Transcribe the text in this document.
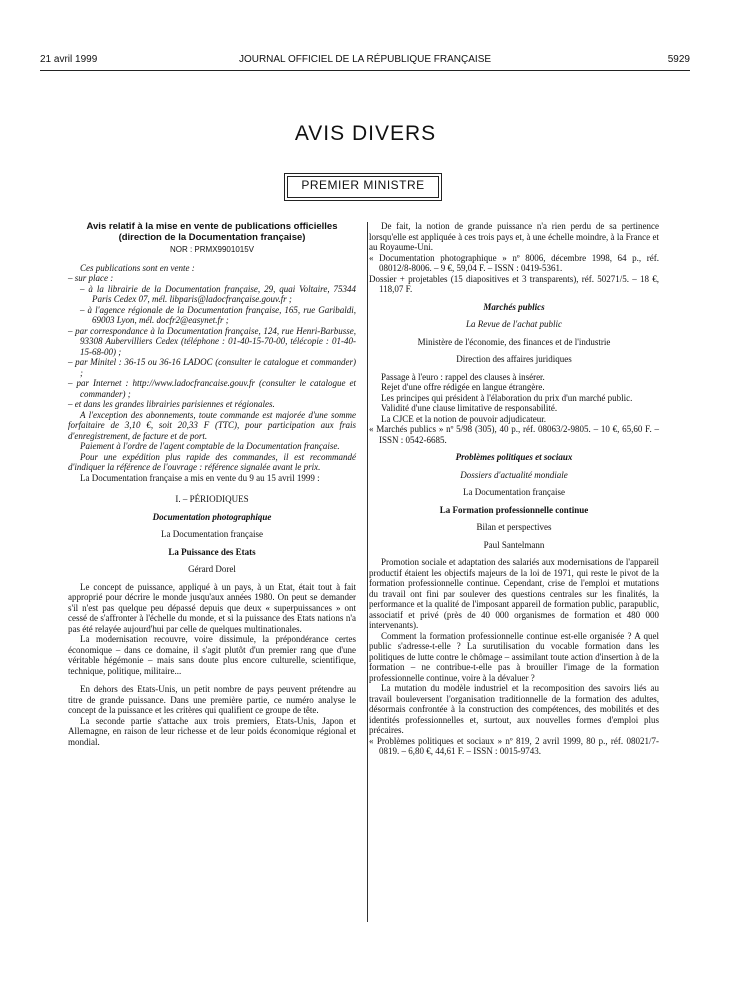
21 avril 1999	JOURNAL OFFICIEL DE LA RÉPUBLIQUE FRANÇAISE	5929
AVIS DIVERS
PREMIER MINISTRE
Avis relatif à la mise en vente de publications officielles
(direction de la Documentation française)
NOR : PRMX9901015V

Ces publications sont en vente :

– sur place :

– à la librairie de la Documentation française, 29, quai Voltaire, 75344 Paris Cedex 07, mél. libparis@ladocfrançaise.gouv.fr ;

– à l'agence régionale de la Documentation française, 165, rue Garibaldi, 69003 Lyon, mél. docfr2@easynet.fr ;

– par correspondance à la Documentation française, 124, rue Henri-Barbusse, 93308 Aubervilliers Cedex (téléphone : 01-40-15-70-00, télécopie : 01-40-15-68-00) ;

– par Minitel : 36-15 ou 36-16 LADOC (consulter le catalogue et commander) ;

– par Internet : http://www.ladocfrancaise.gouv.fr (consulter le catalogue et commander) ;

– et dans les grandes librairies parisiennes et régionales.

A l'exception des abonnements, toute commande est majorée d'une somme forfaitaire de 3,10 €, soit 20,33 F (TTC), pour participation aux frais d'enregistrement, de facture et de port.

Paiement à l'ordre de l'agent comptable de la Documentation française.

Pour une expédition plus rapide des commandes, il est recommandé d'indiquer la référence de l'ouvrage : référence signalée avant le prix.

La Documentation française a mis en vente du 9 au 15 avril 1999 :

I. – PÉRIODIQUES

Documentation photographique

La Documentation française

La Puissance des Etats

Gérard Dorel

Le concept de puissance, appliqué à un pays, à un Etat, était tout à fait approprié pour décrire le monde jusqu'aux années 1980. On peut se demander s'il n'est pas quelque peu dépassé depuis que deux « superpuissances » ont cessé de s'affronter à l'échelle du monde, et si la puissance des Etats nations n'a pas été relayée aujourd'hui par celle de quelques multinationales.

La modernisation recouvre, voire dissimule, la prépondérance certes économique – dans ce domaine, il s'agit plutôt d'un premier rang que d'une véritable hégémonie – mais sans doute plus encore culturelle, scientifique, technique, politique, militaire...

En dehors des Etats-Unis, un petit nombre de pays peuvent prétendre au titre de grande puissance. Dans une première partie, ce numéro analyse le concept de la puissance et les critères qui qualifient ce groupe de tête.

La seconde partie s'attache aux trois premiers, Etats-Unis, Japon et Allemagne, en raison de leur richesse et de leur poids économique régional et mondial.

De fait, la notion de grande puissance n'a rien perdu de sa pertinence lorsqu'elle est appliquée à ces trois pays et, à une échelle moindre, à la France et au Royaume-Uni.

« Documentation photographique » nº 8006, décembre 1998, 64 p., réf. 08012/8-8006. – 9 €, 59,04 F. – ISSN : 0419-5361.

Dossier + projetables (15 diapositives et 3 transparents), réf. 50271/5. – 18 €, 118,07 F.

Marchés publics

La Revue de l'achat public

Ministère de l'économie, des finances et de l'industrie

Direction des affaires juridiques

Passage à l'euro : rappel des clauses à insérer.

Rejet d'une offre rédigée en langue étrangère.

Les principes qui président à l'élaboration du prix d'un marché public.

Validité d'une clause limitative de responsabilité.

La CJCE et la notion de pouvoir adjudicateur.

« Marchés publics » nº 5/98 (305), 40 p., réf. 08063/2-9805. – 10 €, 65,60 F. – ISSN : 0542-6685.

Problèmes politiques et sociaux

Dossiers d'actualité mondiale

La Documentation française

La Formation professionnelle continue

Bilan et perspectives

Paul Santelmann

Promotion sociale et adaptation des salariés aux modernisations de l'appareil productif étaient les objectifs majeurs de la loi de 1971, qui reste le pivot de la formation professionnelle continue. Cependant, crise de l'emploi et mutations du travail ont fini par soulever des questions centrales sur les finalités, la performance et la qualité de l'imposant appareil de formation public, parapublic, associatif et privé (près de 40 000 organismes de formation et 480 000 intervenants).

Comment la formation professionnelle continue est-elle organisée ? A quel public s'adresse-t-elle ? La surutilisation du vocable formation dans les politiques de lutte contre le chômage – assimilant toute action d'insertion à de la formation – ne contribue-t-elle pas à brouiller l'image de la formation professionnelle continue, voire à la dévaluer ?

La mutation du modèle industriel et la recomposition des savoirs liés au travail bouleversent l'organisation traditionnelle de la formation des adultes, désormais confrontée à la construction des compétences, des mobilités et des identités professionnelles et, surtout, aux nouvelles formes d'emploi plus précaires.

« Problèmes politiques et sociaux » nº 819, 2 avril 1999, 80 p., réf. 08021/7-0819. – 6,80 €, 44,61 F. – ISSN : 0015-9743.
